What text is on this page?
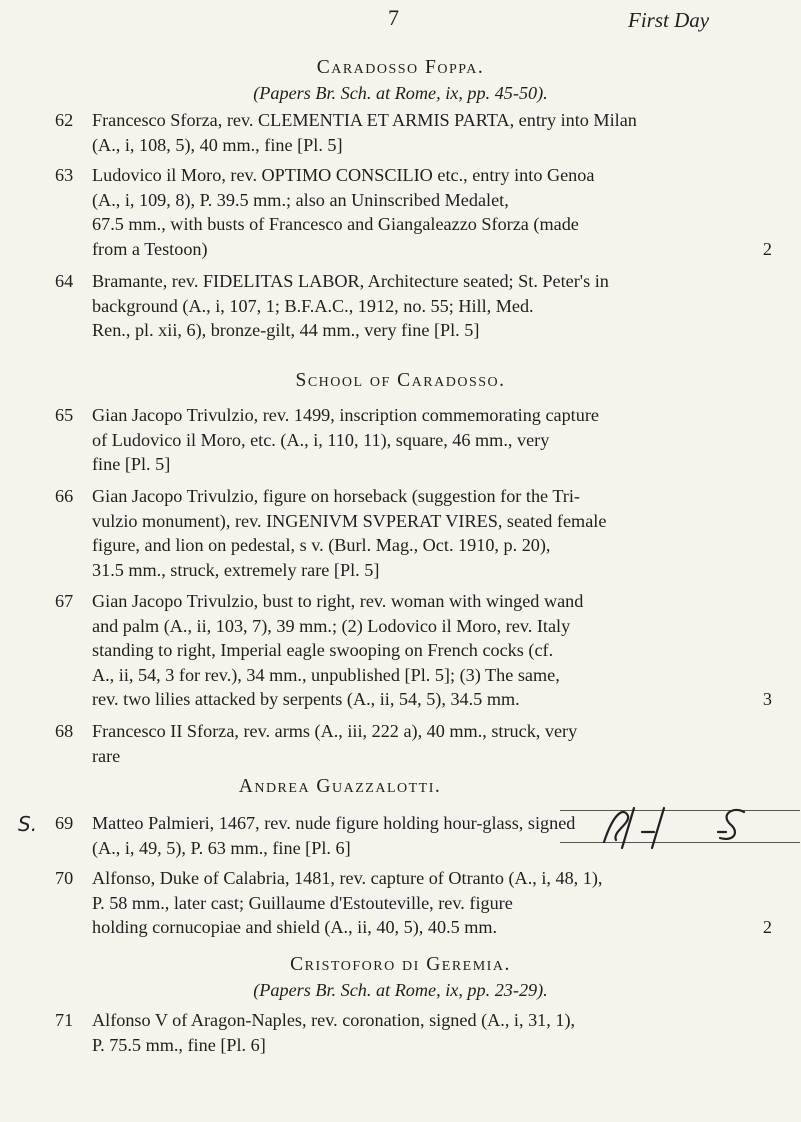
7	First Day

Caradosso Foppa.

(Papers Br. Sch. at Rome, ix, pp. 45-50).

62	Francesco Sforza, rev. CLEMENTIA ET ARMIS PARTA, entry into Milan

(A., i, 108, 5), 40 mm., fine [Pl. 5]

63	Ludovico il Moro, rev. OPTIMO CONSCILIO etc., entry into Genoa

(A., i, 109, 8), P. 39.5 mm.; also an Uninscribed Medalet,

67.5 mm., with busts of Francesco and Giangaleazzo Sforza (made

from a Testoon)	2

64	Bramante, rev. FIDELITAS LABOR, Architecture seated; St. Peter's in

background (A., i, 107, 1; B.F.A.C., 1912, no. 55; Hill, Med.

Ren., pl. xii, 6), bronze-gilt, 44 mm., very fine [Pl. 5]

School of Caradosso.

65	Gian Jacopo Trivulzio, rev. 1499, inscription commemorating capture

of Ludovico il Moro, etc. (A., i, 110, 11), square, 46 mm., very

fine [Pl. 5]

66	Gian Jacopo Trivulzio, figure on horseback (suggestion for the Tri-

vulzio monument), rev. INGENIVM SVPERAT VIRES, seated female

figure, and lion on pedestal, s v. (Burl. Mag., Oct. 1910, p. 20),

31.5 mm., struck, extremely rare [Pl. 5]

67	Gian Jacopo Trivulzio, bust to right, rev. woman with winged wand

and palm (A., ii, 103, 7), 39 mm.; (2) Lodovico il Moro, rev. Italy

standing to right, Imperial eagle swooping on French cocks (cf.

A., ii, 54, 3 for rev.), 34 mm., unpublished [Pl. 5]; (3) The same,

rev. two lilies attacked by serpents (A., ii, 54, 5), 34.5 mm.	3

68	Francesco II Sforza, rev. arms (A., iii, 222 a), 40 mm., struck, very

rare

Andrea Guazzalotti.

S. 69	Matteo Palmieri, 1467, rev. nude figure holding hour-glass, signed

(A., i, 49, 5), P. 63 mm., fine [Pl. 6]

70	Alfonso, Duke of Calabria, 1481, rev. capture of Otranto (A., i, 48, 1),

P. 58 mm., later cast; Guillaume d'Estouteville, rev. figure

holding cornucopiae and shield (A., ii, 40, 5), 40.5 mm.	2

Cristoforo di Geremia.

(Papers Br. Sch. at Rome, ix, pp. 23-29).

71	Alfonso V of Aragon-Naples, rev. coronation, signed (A., i, 31, 1),

P. 75.5 mm., fine [Pl. 6]
